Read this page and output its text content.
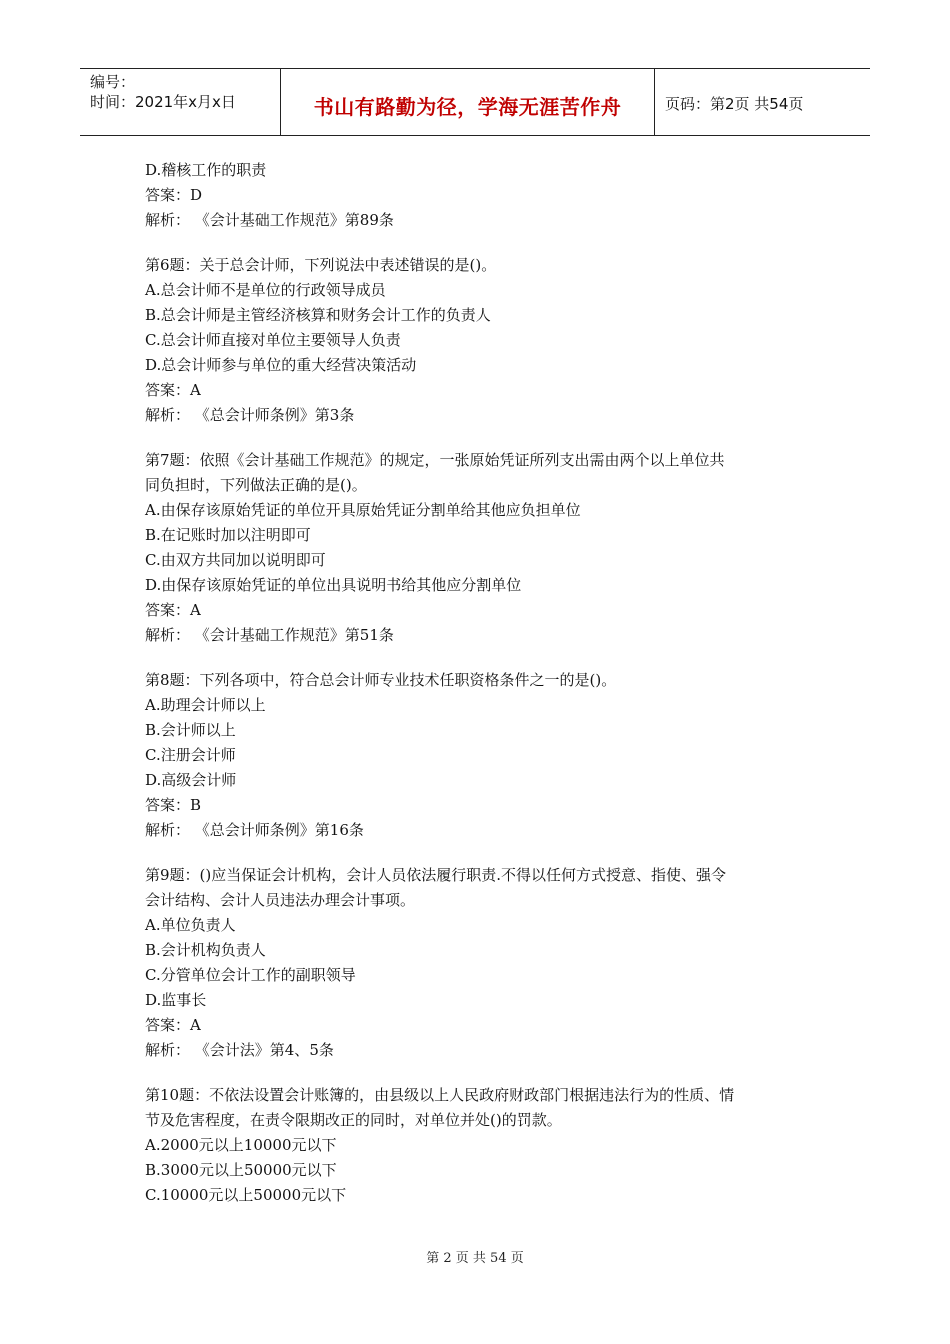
编号：
时间：2021年x月x日	书山有路勤为径，学海无涯苦作舟	页码：第2页 共54页
D.稽核工作的职责
答案：D
解析： 《会计基础工作规范》第89条
第6题：关于总会计师，下列说法中表述错误的是()。
A.总会计师不是单位的行政领导成员
B.总会计师是主管经济核算和财务会计工作的负责人
C.总会计师直接对单位主要领导人负责
D.总会计师参与单位的重大经营决策活动
答案：A
解析： 《总会计师条例》第3条
第7题：依照《会计基础工作规范》的规定，一张原始凭证所列支出需由两个以上单位共
同负担时，下列做法正确的是()。
A.由保存该原始凭证的单位开具原始凭证分割单给其他应负担单位
B.在记账时加以注明即可
C.由双方共同加以说明即可
D.由保存该原始凭证的单位出具说明书给其他应分割单位
答案：A
解析： 《会计基础工作规范》第51条
第8题：下列各项中，符合总会计师专业技术任职资格条件之一的是()。
A.助理会计师以上
B.会计师以上
C.注册会计师
D.高级会计师
答案：B
解析： 《总会计师条例》第16条
第9题：()应当保证会计机构，会计人员依法履行职责.不得以任何方式授意、指使、强令
会计结构、会计人员违法办理会计事项。
A.单位负责人
B.会计机构负责人
C.分管单位会计工作的副职领导
D.监事长
答案：A
解析： 《会计法》第4、5条
第10题：不依法设置会计账簿的，由县级以上人民政府财政部门根据违法行为的性质、情
节及危害程度，在责令限期改正的同时，对单位并处()的罚款。
A.2000元以上10000元以下
B.3000元以上50000元以下
C.10000元以上50000元以下
第 2 页 共 54 页
